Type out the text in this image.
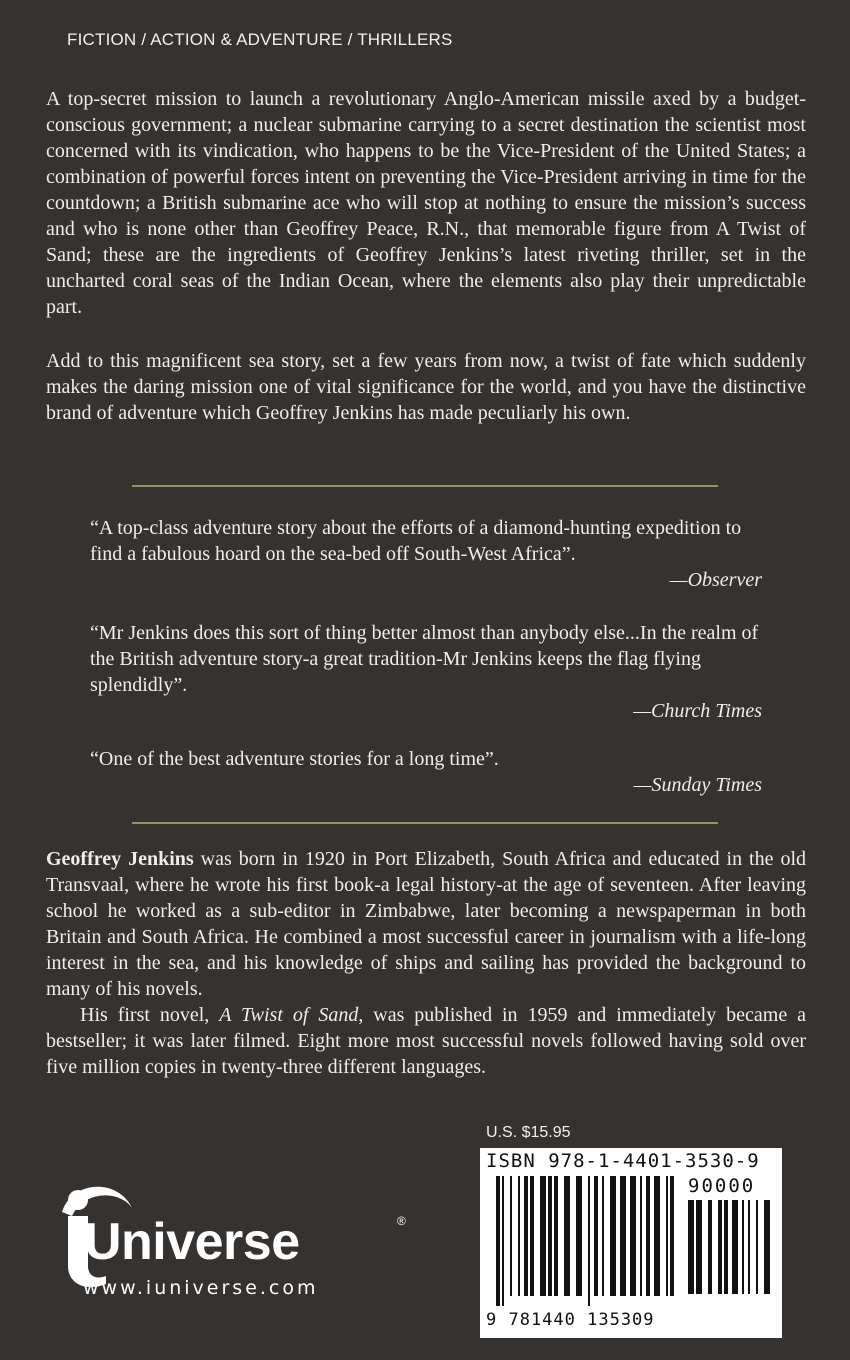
FICTION / ACTION & ADVENTURE / THRILLERS

A top-secret mission to launch a revolutionary Anglo-American missile axed by a budget-conscious government; a nuclear submarine carrying to a secret destination the scientist most concerned with its vindication, who happens to be the Vice-President of the United States; a combination of powerful forces intent on preventing the Vice-President arriving in time for the countdown; a British submarine ace who will stop at nothing to ensure the mission’s success and who is none other than Geoffrey Peace, R.N., that memorable figure from A Twist of Sand; these are the ingredients of Geoffrey Jenkins’s latest riveting thriller, set in the uncharted coral seas of the Indian Ocean, where the elements also play their unpredictable part.

Add to this magnificent sea story, set a few years from now, a twist of fate which suddenly makes the daring mission one of vital significance for the world, and you have the distinctive brand of adventure which Geoffrey Jenkins has made peculiarly his own.

“A top-class adventure story about the efforts of a diamond-hunting expedition to find a fabulous hoard on the sea-bed off South-West Africa”.
—Observer

“Mr Jenkins does this sort of thing better almost than anybody else...In the realm of the British adventure story-a great tradition-Mr Jenkins keeps the flag flying splendidly”.
—Church Times

“One of the best adventure stories for a long time”.
—Sunday Times

Geoffrey Jenkins was born in 1920 in Port Elizabeth, South Africa and educated in the old Transvaal, where he wrote his first book-a legal history-at the age of seventeen. After leaving school he worked as a sub-editor in Zimbabwe, later becoming a newspaperman in both Britain and South Africa. He combined a most successful career in journalism with a life-long interest in the sea, and his knowledge of ships and sailing has provided the background to many of his novels.

His first novel, A Twist of Sand, was published in 1959 and immediately became a bestseller; it was later filmed. Eight more most successful novels followed having sold over five million copies in twenty-three different languages.

U.S. $15.95
ISBN 978-1-4401-3530-9
90000
9 781440 135309
iUniverse	®
www.iuniverse.com
